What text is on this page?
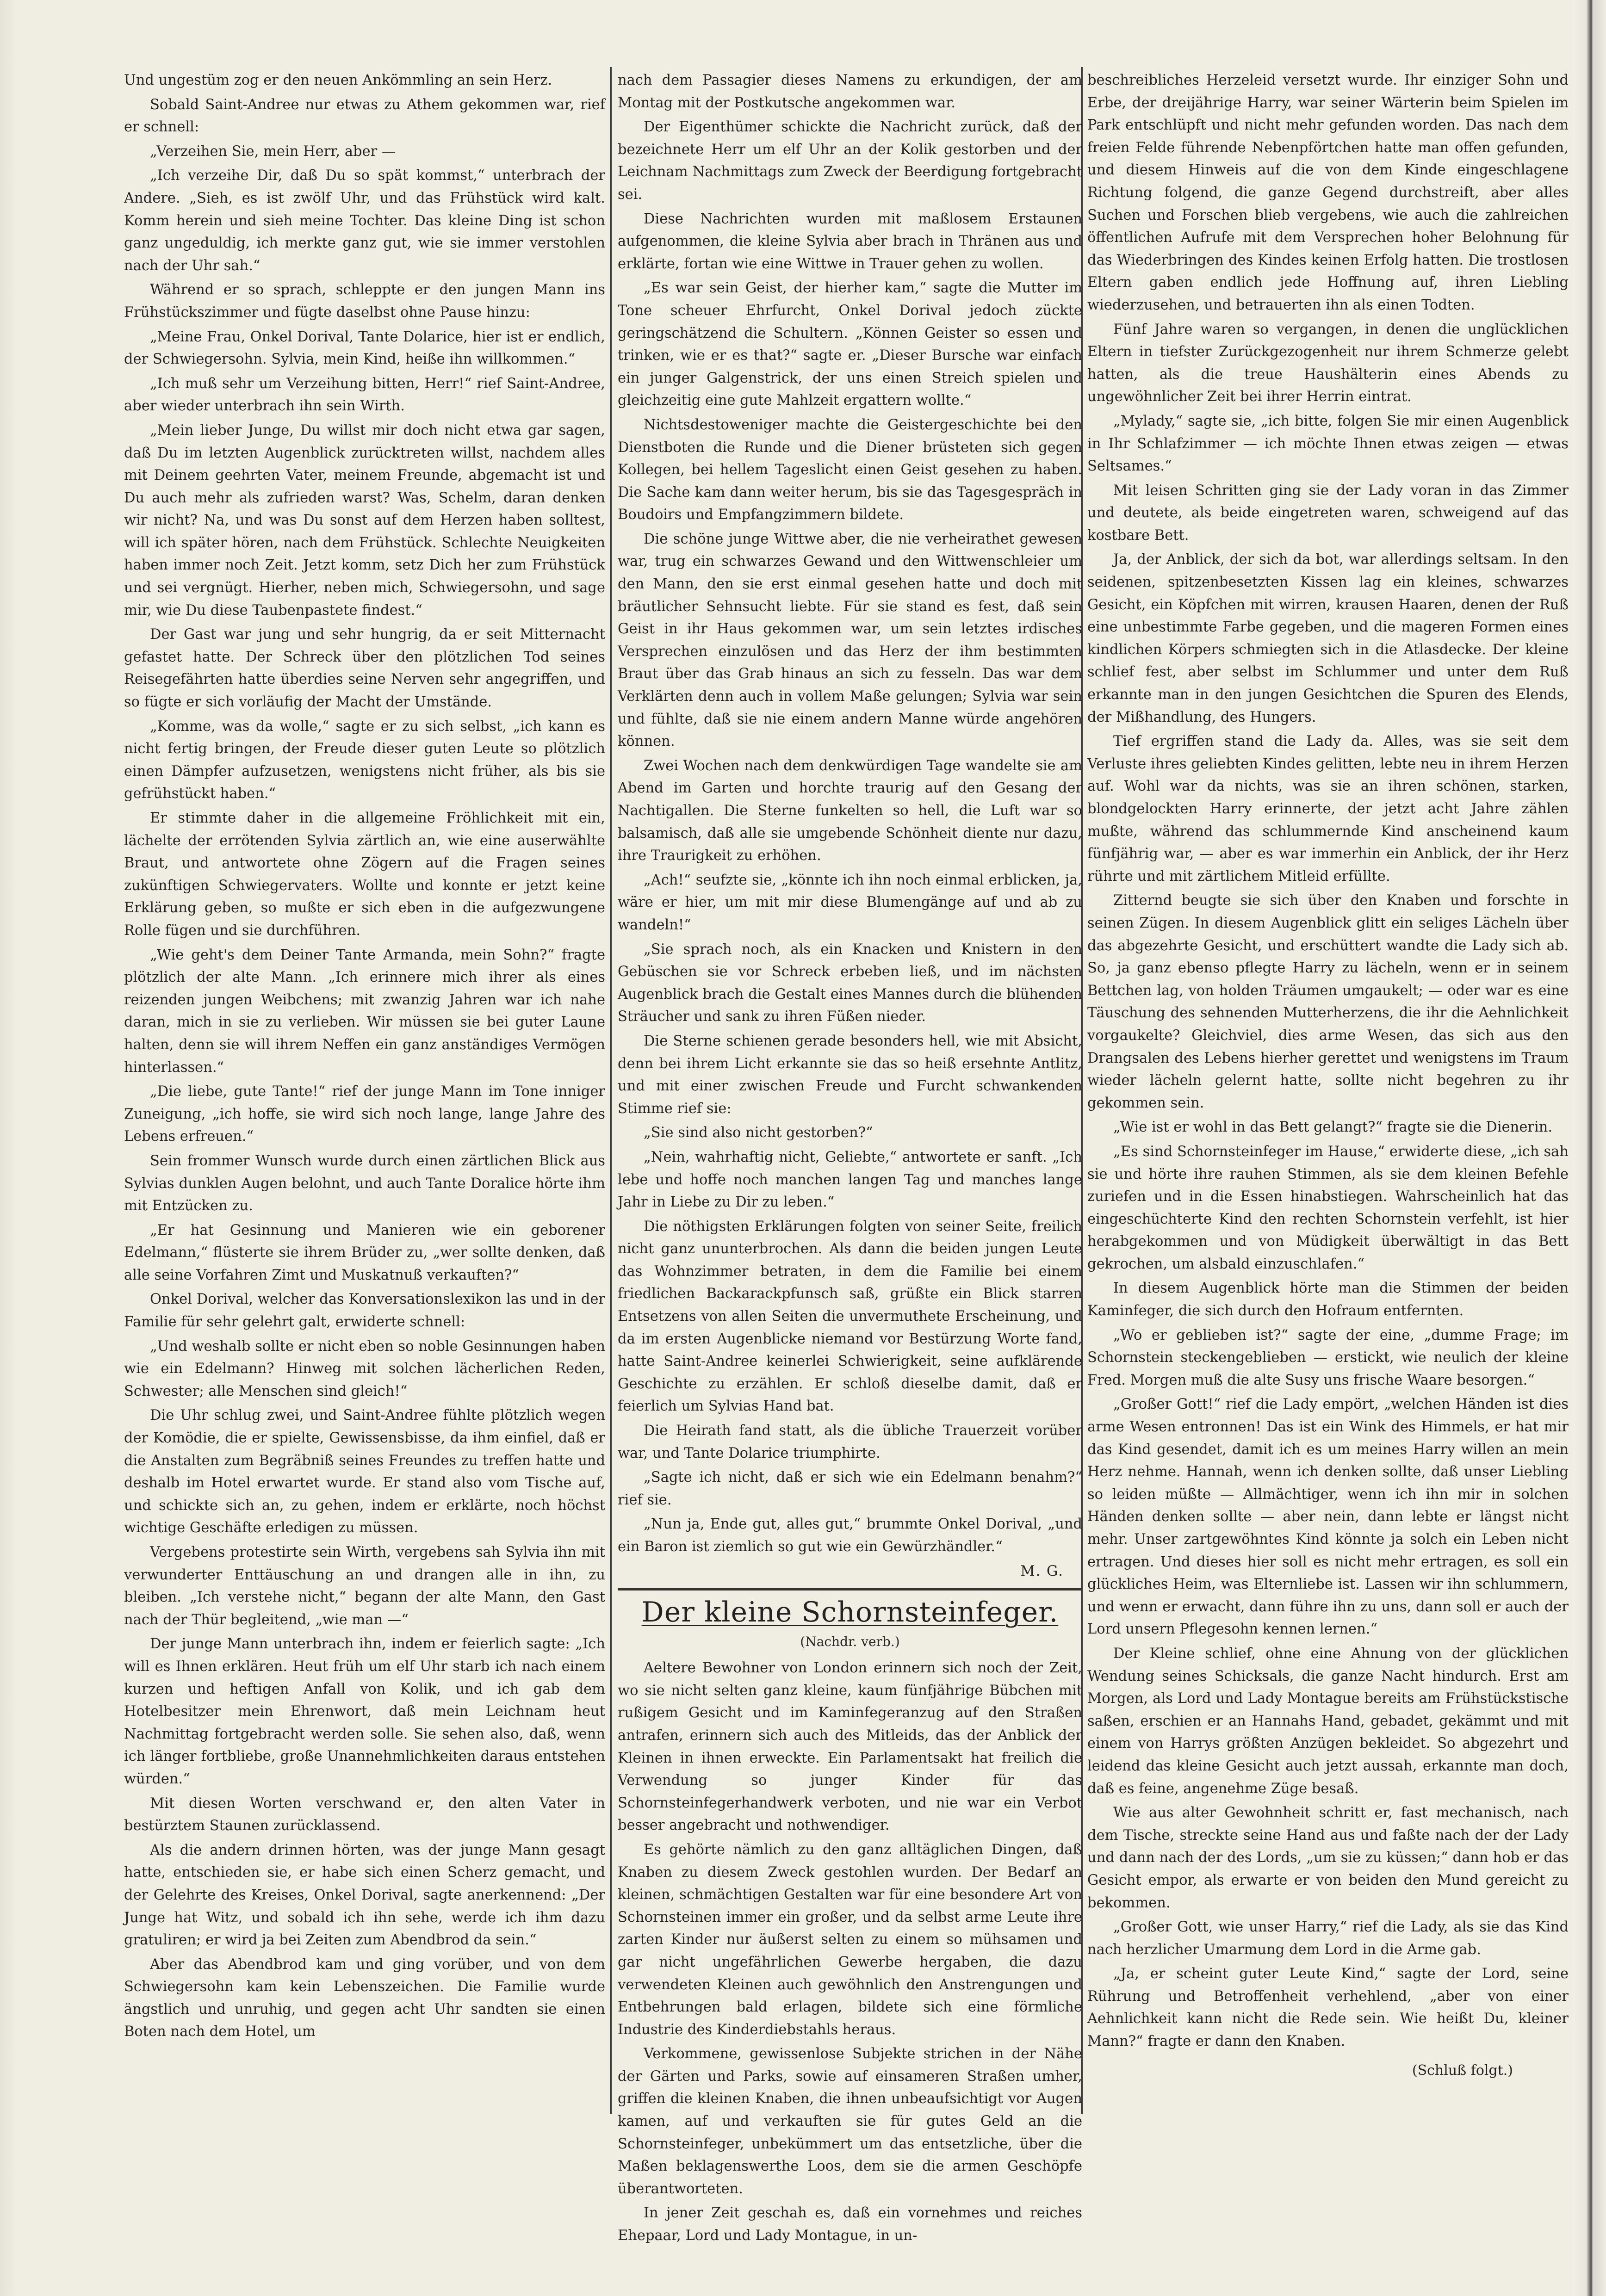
Und ungestüm zog er den neuen Ankömmling an sein Herz.

Sobald Saint-Andree nur etwas zu Athem gekommen war, rief er schnell:

„Verzeihen Sie, mein Herr, aber —

„Ich verzeihe Dir, daß Du so spät kommst,“ unterbrach der Andere. „Sieh, es ist zwölf Uhr, und das Frühstück wird kalt. Komm herein und sieh meine Tochter. Das kleine Ding ist schon ganz ungeduldig, ich merkte ganz gut, wie sie immer verstohlen nach der Uhr sah.“

Während er so sprach, schleppte er den jungen Mann ins Frühstückszimmer und fügte daselbst ohne Pause hinzu:

„Meine Frau, Onkel Dorival, Tante Dolarice, hier ist er endlich, der Schwiegersohn. Sylvia, mein Kind, heiße ihn willkommen.“

„Ich muß sehr um Verzeihung bitten, Herr!“ rief Saint-Andree, aber wieder unterbrach ihn sein Wirth.

„Mein lieber Junge, Du willst mir doch nicht etwa gar sagen, daß Du im letzten Augenblick zurücktreten willst, nachdem alles mit Deinem geehrten Vater, meinem Freunde, abgemacht ist und Du auch mehr als zufrieden warst? Was, Schelm, daran denken wir nicht? Na, und was Du sonst auf dem Herzen haben solltest, will ich später hören, nach dem Frühstück. Schlechte Neuigkeiten haben immer noch Zeit. Jetzt komm, setz Dich her zum Frühstück und sei vergnügt. Hierher, neben mich, Schwiegersohn, und sage mir, wie Du diese Taubenpastete findest.“

Der Gast war jung und sehr hungrig, da er seit Mitternacht gefastet hatte. Der Schreck über den plötzlichen Tod seines Reisegefährten hatte überdies seine Nerven sehr angegriffen, und so fügte er sich vorläufig der Macht der Umstände.

„Komme, was da wolle,“ sagte er zu sich selbst, „ich kann es nicht fertig bringen, der Freude dieser guten Leute so plötzlich einen Dämpfer aufzusetzen, wenigstens nicht früher, als bis sie gefrühstückt haben.“

Er stimmte daher in die allgemeine Fröhlichkeit mit ein, lächelte der errötenden Sylvia zärtlich an, wie eine auserwählte Braut, und antwortete ohne Zögern auf die Fragen seines zukünftigen Schwiegervaters. Wollte und konnte er jetzt keine Erklärung geben, so mußte er sich eben in die aufgezwungene Rolle fügen und sie durchführen.

„Wie geht's dem Deiner Tante Armanda, mein Sohn?“ fragte plötzlich der alte Mann. „Ich erinnere mich ihrer als eines reizenden jungen Weibchens; mit zwanzig Jahren war ich nahe daran, mich in sie zu verlieben. Wir müssen sie bei guter Laune halten, denn sie will ihrem Neffen ein ganz anständiges Vermögen hinterlassen.“

„Die liebe, gute Tante!“ rief der junge Mann im Tone inniger Zuneigung, „ich hoffe, sie wird sich noch lange, lange Jahre des Lebens erfreuen.“

Sein frommer Wunsch wurde durch einen zärtlichen Blick aus Sylvias dunklen Augen belohnt, und auch Tante Doralice hörte ihm mit Entzücken zu.

„Er hat Gesinnung und Manieren wie ein geborener Edelmann,“ flüsterte sie ihrem Brüder zu, „wer sollte denken, daß alle seine Vorfahren Zimt und Muskatnuß verkauften?“

Onkel Dorival, welcher das Konversationslexikon las und in der Familie für sehr gelehrt galt, erwiderte schnell:

„Und weshalb sollte er nicht eben so noble Gesinnungen haben wie ein Edelmann? Hinweg mit solchen lächerlichen Reden, Schwester; alle Menschen sind gleich!“

Die Uhr schlug zwei, und Saint-Andree fühlte plötzlich wegen der Komödie, die er spielte, Gewissensbisse, da ihm einfiel, daß er die Anstalten zum Begräbniß seines Freundes zu treffen hatte und deshalb im Hotel erwartet wurde. Er stand also vom Tische auf, und schickte sich an, zu gehen, indem er erklärte, noch höchst wichtige Geschäfte erledigen zu müssen.

Vergebens protestirte sein Wirth, vergebens sah Sylvia ihn mit verwunderter Enttäuschung an und drangen alle in ihn, zu bleiben. „Ich verstehe nicht,“ begann der alte Mann, den Gast nach der Thür begleitend, „wie man —“

Der junge Mann unterbrach ihn, indem er feierlich sagte: „Ich will es Ihnen erklären. Heut früh um elf Uhr starb ich nach einem kurzen und heftigen Anfall von Kolik, und ich gab dem Hotelbesitzer mein Ehrenwort, daß mein Leichnam heut Nachmittag fortgebracht werden solle. Sie sehen also, daß, wenn ich länger fortbliebe, große Unannehmlichkeiten daraus entstehen würden.“

Mit diesen Worten verschwand er, den alten Vater in bestürztem Staunen zurücklassend.

Als die andern drinnen hörten, was der junge Mann gesagt hatte, entschieden sie, er habe sich einen Scherz gemacht, und der Gelehrte des Kreises, Onkel Dorival, sagte anerkennend: „Der Junge hat Witz, und sobald ich ihn sehe, werde ich ihm dazu gratuliren; er wird ja bei Zeiten zum Abendbrod da sein.“

Aber das Abendbrod kam und ging vorüber, und von dem Schwiegersohn kam kein Lebenszeichen. Die Familie wurde ängstlich und unruhig, und gegen acht Uhr sandten sie einen Boten nach dem Hotel, um

nach dem Passagier dieses Namens zu erkundigen, der am Montag mit der Postkutsche angekommen war.

Der Eigenthümer schickte die Nachricht zurück, daß der bezeichnete Herr um elf Uhr an der Kolik gestorben und der Leichnam Nachmittags zum Zweck der Beerdigung fortgebracht sei.

Diese Nachrichten wurden mit maßlosem Erstaunen aufgenommen, die kleine Sylvia aber brach in Thränen aus und erklärte, fortan wie eine Wittwe in Trauer gehen zu wollen.

„Es war sein Geist, der hierher kam,“ sagte die Mutter im Tone scheuer Ehrfurcht, Onkel Dorival jedoch zückte geringschätzend die Schultern. „Können Geister so essen und trinken, wie er es that?“ sagte er. „Dieser Bursche war einfach ein junger Galgenstrick, der uns einen Streich spielen und gleichzeitig eine gute Mahlzeit ergattern wollte.“

Nichtsdestoweniger machte die Geistergeschichte bei den Dienstboten die Runde und die Diener brüsteten sich gegen Kollegen, bei hellem Tageslicht einen Geist gesehen zu haben. Die Sache kam dann weiter herum, bis sie das Tagesgespräch in Boudoirs und Empfangzimmern bildete.

Die schöne junge Wittwe aber, die nie verheirathet gewesen war, trug ein schwarzes Gewand und den Wittwenschleier um den Mann, den sie erst einmal gesehen hatte und doch mit bräutlicher Sehnsucht liebte. Für sie stand es fest, daß sein Geist in ihr Haus gekommen war, um sein letztes irdisches Versprechen einzulösen und das Herz der ihm bestimmten Braut über das Grab hinaus an sich zu fesseln. Das war dem Verklärten denn auch in vollem Maße gelungen; Sylvia war sein und fühlte, daß sie nie einem andern Manne würde angehören können.

Zwei Wochen nach dem denkwürdigen Tage wandelte sie am Abend im Garten und horchte traurig auf den Gesang der Nachtigallen. Die Sterne funkelten so hell, die Luft war so balsamisch, daß alle sie umgebende Schönheit diente nur dazu, ihre Traurigkeit zu erhöhen.

„Ach!“ seufzte sie, „könnte ich ihn noch einmal erblicken, ja, wäre er hier, um mit mir diese Blumengänge auf und ab zu wandeln!“

„Sie sprach noch, als ein Knacken und Knistern in den Gebüschen sie vor Schreck erbeben ließ, und im nächsten Augenblick brach die Gestalt eines Mannes durch die blühenden Sträucher und sank zu ihren Füßen nieder.

Die Sterne schienen gerade besonders hell, wie mit Absicht, denn bei ihrem Licht erkannte sie das so heiß ersehnte Antlitz, und mit einer zwischen Freude und Furcht schwankenden Stimme rief sie:

„Sie sind also nicht gestorben?“

„Nein, wahrhaftig nicht, Geliebte,“ antwortete er sanft. „Ich lebe und hoffe noch manchen langen Tag und manches lange Jahr in Liebe zu Dir zu leben.“

Die nöthigsten Erklärungen folgten von seiner Seite, freilich nicht ganz ununterbrochen. Als dann die beiden jungen Leute das Wohnzimmer betraten, in dem die Familie bei einem friedlichen Backarackpfunsch saß, grüßte ein Blick starren Entsetzens von allen Seiten die unvermuthete Erscheinung, und da im ersten Augenblicke niemand vor Bestürzung Worte fand, hatte Saint-Andree keinerlei Schwierigkeit, seine aufklärende Geschichte zu erzählen. Er schloß dieselbe damit, daß er feierlich um Sylvias Hand bat.

Die Heirath fand statt, als die übliche Trauerzeit vorüber war, und Tante Dolarice triumphirte.

„Sagte ich nicht, daß er sich wie ein Edelmann benahm?“ rief sie.

„Nun ja, Ende gut, alles gut,“ brummte Onkel Dorival, „und ein Baron ist ziemlich so gut wie ein Gewürzhändler.“

M. G.
Der kleine Schornsteinfeger.
(Nachdr. verb.)

Aeltere Bewohner von London erinnern sich noch der Zeit, wo sie nicht selten ganz kleine, kaum fünfjährige Bübchen mit rußigem Gesicht und im Kaminfegeranzug auf den Straßen antrafen, erinnern sich auch des Mitleids, das der Anblick der Kleinen in ihnen erweckte. Ein Parlamentsakt hat freilich die Verwendung so junger Kinder für das Schornsteinfegerhandwerk verboten, und nie war ein Verbot besser angebracht und nothwendiger.

Es gehörte nämlich zu den ganz alltäglichen Dingen, daß Knaben zu diesem Zweck gestohlen wurden. Der Bedarf an kleinen, schmächtigen Gestalten war für eine besondere Art von Schornsteinen immer ein großer, und da selbst arme Leute ihre zarten Kinder nur äußerst selten zu einem so mühsamen und gar nicht ungefährlichen Gewerbe hergaben, die dazu verwendeten Kleinen auch gewöhnlich den Anstrengungen und Entbehrungen bald erlagen, bildete sich eine förmliche Industrie des Kinderdiebstahls heraus.

Verkommene, gewissenlose Subjekte strichen in der Nähe der Gärten und Parks, sowie auf einsameren Straßen umher, griffen die kleinen Knaben, die ihnen unbeaufsichtigt vor Augen kamen, auf und verkauften sie für gutes Geld an die Schornsteinfeger, unbekümmert um das entsetzliche, über die Maßen beklagenswerthe Loos, dem sie die armen Geschöpfe überantworteten.

In jener Zeit geschah es, daß ein vornehmes und reiches Ehepaar, Lord und Lady Montague, in un-

beschreibliches Herzeleid versetzt wurde. Ihr einziger Sohn und Erbe, der dreijährige Harry, war seiner Wärterin beim Spielen im Park entschlüpft und nicht mehr gefunden worden. Das nach dem freien Felde führende Nebenpförtchen hatte man offen gefunden, und diesem Hinweis auf die von dem Kinde eingeschlagene Richtung folgend, die ganze Gegend durchstreift, aber alles Suchen und Forschen blieb vergebens, wie auch die zahlreichen öffentlichen Aufrufe mit dem Versprechen hoher Belohnung für das Wiederbringen des Kindes keinen Erfolg hatten. Die trostlosen Eltern gaben endlich jede Hoffnung auf, ihren Liebling wiederzusehen, und betrauerten ihn als einen Todten.

Fünf Jahre waren so vergangen, in denen die unglücklichen Eltern in tiefster Zurückgezogenheit nur ihrem Schmerze gelebt hatten, als die treue Haushälterin eines Abends zu ungewöhnlicher Zeit bei ihrer Herrin eintrat.

„Mylady,“ sagte sie, „ich bitte, folgen Sie mir einen Augenblick in Ihr Schlafzimmer — ich möchte Ihnen etwas zeigen — etwas Seltsames.“

Mit leisen Schritten ging sie der Lady voran in das Zimmer und deutete, als beide eingetreten waren, schweigend auf das kostbare Bett.

Ja, der Anblick, der sich da bot, war allerdings seltsam. In den seidenen, spitzenbesetzten Kissen lag ein kleines, schwarzes Gesicht, ein Köpfchen mit wirren, krausen Haaren, denen der Ruß eine unbestimmte Farbe gegeben, und die mageren Formen eines kindlichen Körpers schmiegten sich in die Atlasdecke. Der kleine schlief fest, aber selbst im Schlummer und unter dem Ruß erkannte man in den jungen Gesichtchen die Spuren des Elends, der Mißhandlung, des Hungers.

Tief ergriffen stand die Lady da. Alles, was sie seit dem Verluste ihres geliebten Kindes gelitten, lebte neu in ihrem Herzen auf. Wohl war da nichts, was sie an ihren schönen, starken, blondgelockten Harry erinnerte, der jetzt acht Jahre zählen mußte, während das schlummernde Kind anscheinend kaum fünfjährig war, — aber es war immerhin ein Anblick, der ihr Herz rührte und mit zärtlichem Mitleid erfüllte.

Zitternd beugte sie sich über den Knaben und forschte in seinen Zügen. In diesem Augenblick glitt ein seliges Lächeln über das abgezehrte Gesicht, und erschüttert wandte die Lady sich ab. So, ja ganz ebenso pflegte Harry zu lächeln, wenn er in seinem Bettchen lag, von holden Träumen umgaukelt; — oder war es eine Täuschung des sehnenden Mutterherzens, die ihr die Aehnlichkeit vorgaukelte? Gleichviel, dies arme Wesen, das sich aus den Drangsalen des Lebens hierher gerettet und wenigstens im Traum wieder lächeln gelernt hatte, sollte nicht begehren zu ihr gekommen sein.

„Wie ist er wohl in das Bett gelangt?“ fragte sie die Dienerin.

„Es sind Schornsteinfeger im Hause,“ erwiderte diese, „ich sah sie und hörte ihre rauhen Stimmen, als sie dem kleinen Befehle zuriefen und in die Essen hinabstiegen. Wahrscheinlich hat das eingeschüchterte Kind den rechten Schornstein verfehlt, ist hier herabgekommen und von Müdigkeit überwältigt in das Bett gekrochen, um alsbald einzuschlafen.“

In diesem Augenblick hörte man die Stimmen der beiden Kaminfeger, die sich durch den Hofraum entfernten.

„Wo er geblieben ist?“ sagte der eine, „dumme Frage; im Schornstein steckengeblieben — erstickt, wie neulich der kleine Fred. Morgen muß die alte Susy uns frische Waare besorgen.“

„Großer Gott!“ rief die Lady empört, „welchen Händen ist dies arme Wesen entronnen! Das ist ein Wink des Himmels, er hat mir das Kind gesendet, damit ich es um meines Harry willen an mein Herz nehme. Hannah, wenn ich denken sollte, daß unser Liebling so leiden müßte — Allmächtiger, wenn ich ihn mir in solchen Händen denken sollte — aber nein, dann lebte er längst nicht mehr. Unser zartgewöhntes Kind könnte ja solch ein Leben nicht ertragen. Und dieses hier soll es nicht mehr ertragen, es soll ein glückliches Heim, was Elternliebe ist. Lassen wir ihn schlummern, und wenn er erwacht, dann führe ihn zu uns, dann soll er auch der Lord unsern Pflegesohn kennen lernen.“

Der Kleine schlief, ohne eine Ahnung von der glücklichen Wendung seines Schicksals, die ganze Nacht hindurch. Erst am Morgen, als Lord und Lady Montague bereits am Frühstückstische saßen, erschien er an Hannahs Hand, gebadet, gekämmt und mit einem von Harrys größten Anzügen bekleidet. So abgezehrt und leidend das kleine Gesicht auch jetzt aussah, erkannte man doch, daß es feine, angenehme Züge besaß.

Wie aus alter Gewohnheit schritt er, fast mechanisch, nach dem Tische, streckte seine Hand aus und faßte nach der der Lady und dann nach der des Lords, „um sie zu küssen;“ dann hob er das Gesicht empor, als erwarte er von beiden den Mund gereicht zu bekommen.

„Großer Gott, wie unser Harry,“ rief die Lady, als sie das Kind nach herzlicher Umarmung dem Lord in die Arme gab.

„Ja, er scheint guter Leute Kind,“ sagte der Lord, seine Rührung und Betroffenheit verhehlend, „aber von einer Aehnlichkeit kann nicht die Rede sein. Wie heißt Du, kleiner Mann?“ fragte er dann den Knaben.

(Schluß folgt.)
